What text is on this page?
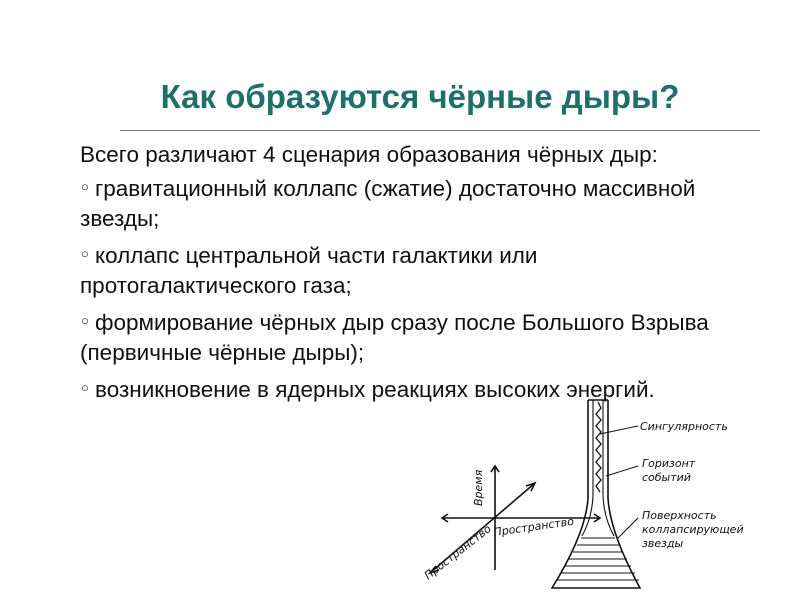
Как образуются чёрные дыры?
Всего различают 4 сценария образования чёрных дыр:
○ гравитационный коллапс (сжатие) достаточно массивной звезды;
○ коллапс центральной части галактики или протогалактического газа;
○ формирование чёрных дыр сразу после Большого Взрыва (первичные чёрные дыры);
○ возникновение в ядерных реакциях высоких энергий.
Время
Пространство
Пространство
Сингулярность
Горизонт
событий
Поверхность
коллапсирующей
звезды
